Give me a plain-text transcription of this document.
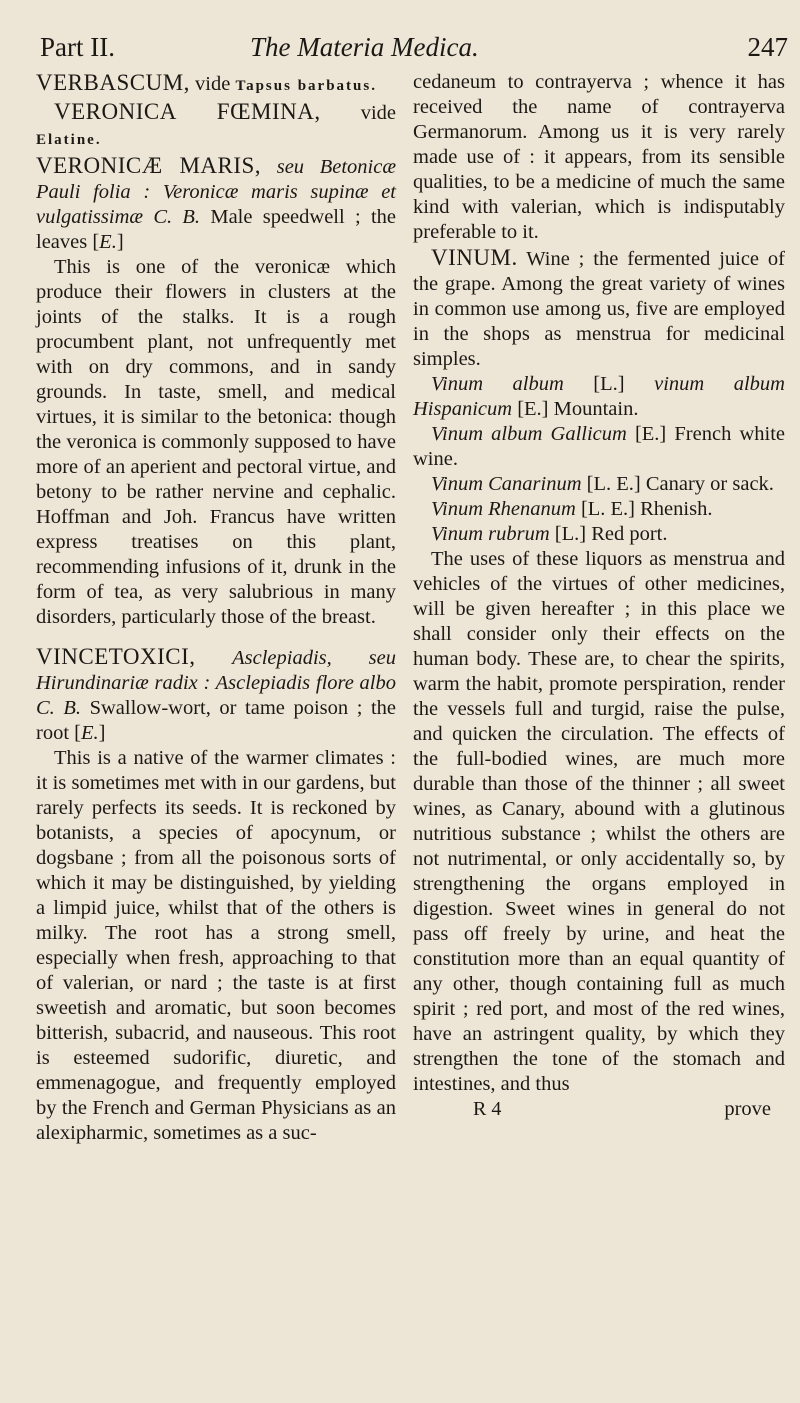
Part II.	The Materia Medica.	247

VERBASCUM, vide Tapsus barbatus.

VERONICA FŒMINA, vide Elatine.

VERONICÆ MARIS, seu Betonicæ Pauli folia : Veronicæ maris supinæ et vulgatissimæ C. B. Male speedwell ; the leaves [E.]

This is one of the veronicæ which produce their flowers in clusters at the joints of the stalks. It is a rough procumbent plant, not unfrequently met with on dry commons, and in sandy grounds. In taste, smell, and medical virtues, it is similar to the betonica: though the veronica is commonly supposed to have more of an aperient and pectoral virtue, and betony to be rather nervine and cephalic. Hoffman and Joh. Francus have written express treatises on this plant, recommending infusions of it, drunk in the form of tea, as very salubrious in many disorders, particularly those of the breast.

VINCETOXICI, Asclepiadis, seu Hirundinariæ radix : Asclepiadis flore albo C. B. Swallow-wort, or tame poison ; the root [E.]

This is a native of the warmer climates : it is sometimes met with in our gardens, but rarely perfects its seeds. It is reckoned by botanists, a species of apocynum, or dogsbane ; from all the poisonous sorts of which it may be distinguished, by yielding a limpid juice, whilst that of the others is milky. The root has a strong smell, especially when fresh, approaching to that of valerian, or nard ; the taste is at first sweetish and aromatic, but soon becomes bitterish, subacrid, and nauseous. This root is esteemed sudorific, diuretic, and emmenagogue, and frequently employed by the French and German Physicians as an alexipharmic, sometimes as a suc-

cedaneum to contrayerva ; whence it has received the name of contrayerva Germanorum. Among us it is very rarely made use of : it appears, from its sensible qualities, to be a medicine of much the same kind with valerian, which is indisputably preferable to it.

VINUM. Wine ; the fermented juice of the grape. Among the great variety of wines in common use among us, five are employed in the shops as menstrua for medicinal simples.

Vinum album [L.] vinum album Hispanicum [E.] Mountain.

Vinum album Gallicum [E.] French white wine.

Vinum Canarinum [L. E.] Canary or sack.

Vinum Rhenanum [L. E.] Rhenish.

Vinum rubrum [L.] Red port.

The uses of these liquors as menstrua and vehicles of the virtues of other medicines, will be given hereafter ; in this place we shall consider only their effects on the human body. These are, to chear the spirits, warm the habit, promote perspiration, render the vessels full and turgid, raise the pulse, and quicken the circulation. The effects of the full-bodied wines, are much more durable than those of the thinner ; all sweet wines, as Canary, abound with a glutinous nutritious substance ; whilst the others are not nutrimental, or only accidentally so, by strengthening the organs employed in digestion. Sweet wines in general do not pass off freely by urine, and heat the constitution more than an equal quantity of any other, though containing full as much spirit ; red port, and most of the red wines, have an astringent quality, by which they strengthen the tone of the stomach and intestines, and thus

R 4	prove
